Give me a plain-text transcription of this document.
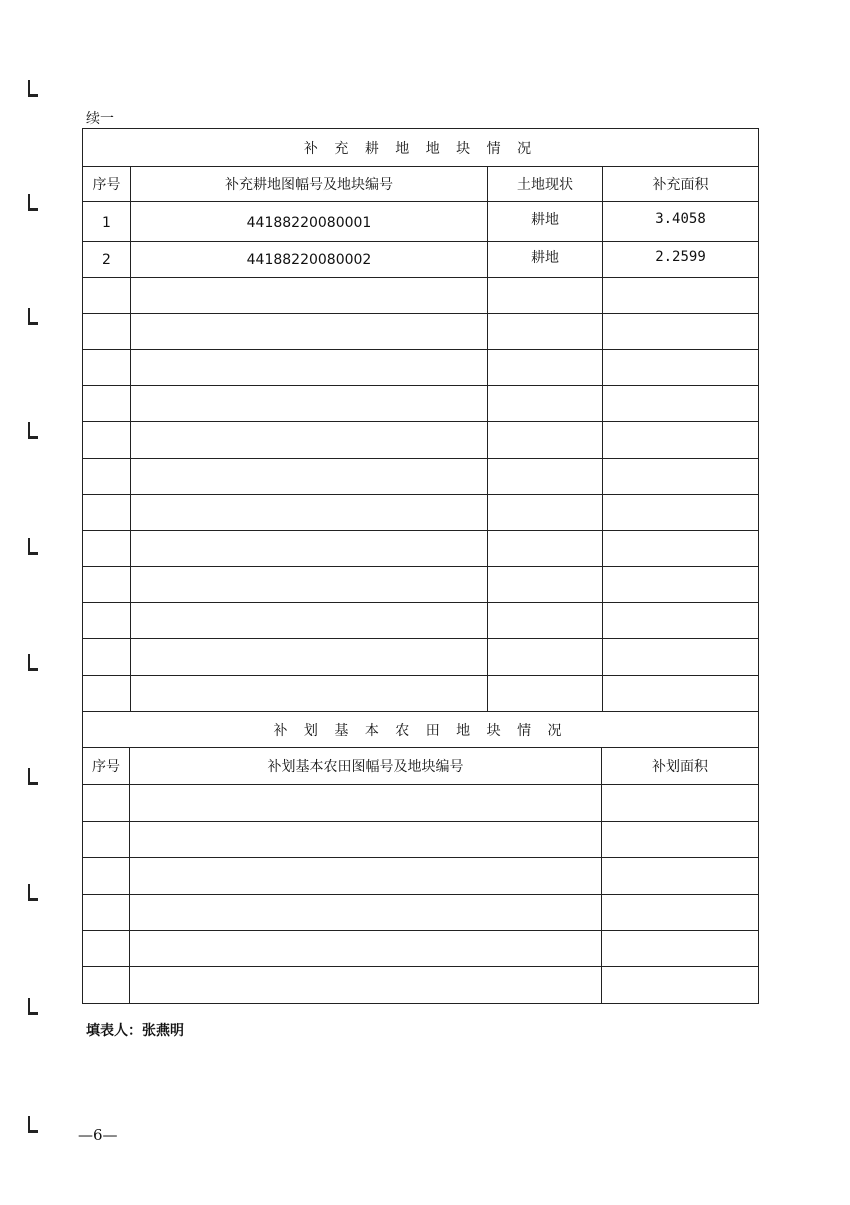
续一
补 充 耕 地 地 块 情 况
序号	补充耕地图幅号及地块编号	土地现状	补充面积
1	44188220080001	耕地	3.4058
2	44188220080002	耕地	2.2599
补 划 基 本 农 田 地 块 情 况
序号	补划基本农田图幅号及地块编号	补划面积
填表人：张燕明
—6—
